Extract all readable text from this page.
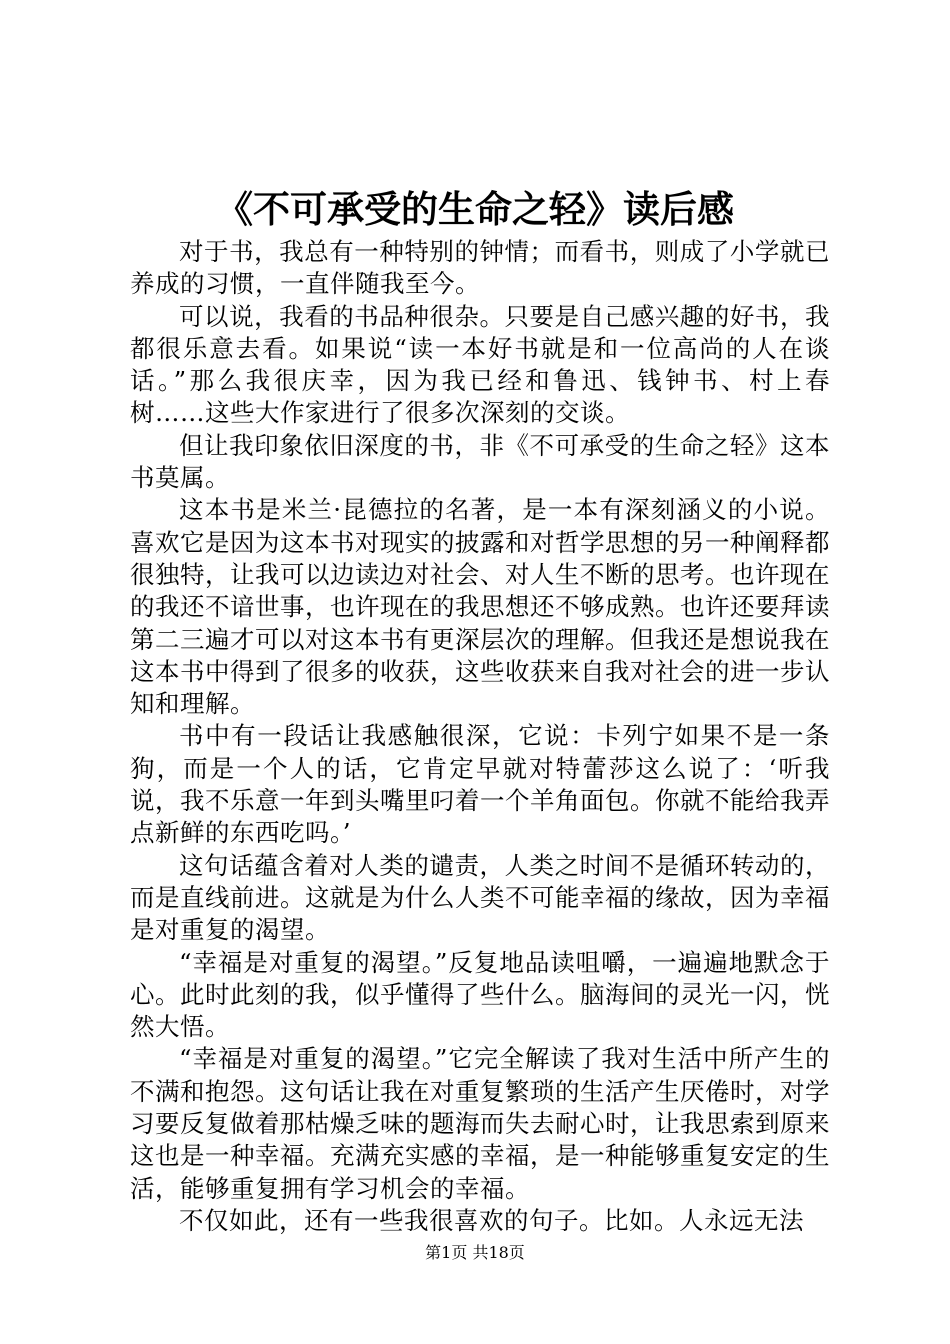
《不可承受的生命之轻》读后感

对于书，我总有一种特别的钟情；而看书，则成了小学就已养成的习惯，一直伴随我至今。

可以说，我看的书品种很杂。只要是自己感兴趣的好书，我都很乐意去看。如果说“读一本好书就是和一位高尚的人在谈话。”那么我很庆幸，因为我已经和鲁迅、钱钟书、村上春树……这些大作家进行了很多次深刻的交谈。

但让我印象依旧深度的书，非《不可承受的生命之轻》这本书莫属。

这本书是米兰·昆德拉的名著，是一本有深刻涵义的小说。喜欢它是因为这本书对现实的披露和对哲学思想的另一种阐释都很独特，让我可以边读边对社会、对人生不断的思考。也许现在的我还不谙世事，也许现在的我思想还不够成熟。也许还要拜读第二三遍才可以对这本书有更深层次的理解。但我还是想说我在这本书中得到了很多的收获，这些收获来自我对社会的进一步认知和理解。

书中有一段话让我感触很深，它说：卡列宁如果不是一条狗，而是一个人的话，它肯定早就对特蕾莎这么说了：‘听我说，我不乐意一年到头嘴里叼着一个羊角面包。你就不能给我弄点新鲜的东西吃吗。’

这句话蕴含着对人类的谴责，人类之时间不是循环转动的，而是直线前进。这就是为什么人类不可能幸福的缘故，因为幸福是对重复的渴望。

“幸福是对重复的渴望。”反复地品读咀嚼，一遍遍地默念于心。此时此刻的我，似乎懂得了些什么。脑海间的灵光一闪，恍然大悟。

“幸福是对重复的渴望。”它完全解读了我对生活中所产生的不满和抱怨。这句话让我在对重复繁琐的生活产生厌倦时，对学习要反复做着那枯燥乏味的题海而失去耐心时，让我思索到原来这也是一种幸福。充满充实感的幸福，是一种能够重复安定的生活，能够重复拥有学习机会的幸福。

不仅如此，还有一些我很喜欢的句子。比如。人永远无法

第1页 共18页
